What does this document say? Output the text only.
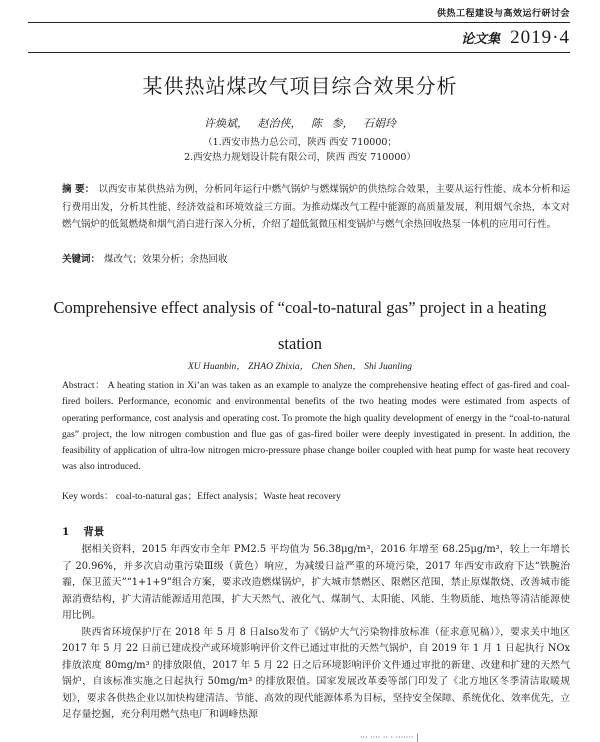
供热工程建设与高效运行研讨会
论文集 2019·4
某供热站煤改气项目综合效果分析
许焕斌， 赵治侠， 陈 参， 石娟玲
（1.西安市热力总公司，陕西 西安 710000；
2.西安热力规划设计院有限公司，陕西 西安 710000）
摘 要： 以西安市某供热站为例，分析同年运行中燃气锅炉与燃煤锅炉的供热综合效果，主要从运行性能、成本分析和运行费用出发，分析其性能、经济效益和环境效益三方面。为推动煤改气工程中能源的高质量发展，利用烟气余热，本文对燃气锅炉的低氮燃烧和烟气消白进行深入分析，介绍了超低氮微压相变锅炉与燃气余热回收热泵一体机的应用可行性。
关键词： 煤改气；效果分析；余热回收
Comprehensive effect analysis of “coal-to-natural gas” project in a heating station
XU Huanbin， ZHAO Zhixia， Chen Shen， Shi Juanling
Abstract： A heating station in Xi’an was taken as an example to analyze the comprehensive heating effect of gas-fired and coal-fired boilers. Performance, economic and environmental benefits of the two heating modes were estimated from aspects of operating performance, cost analysis and operating cost. To promote the high quality development of energy in the “coal-to-natural gas” project, the low nitrogen combustion and flue gas of gas-fired boiler were deeply investigated in present. In addition, the feasibility of application of ultra-low nitrogen micro-pressure phase change boiler coupled with heat pump for waste heat recovery was also introduced.
Key words： coal-to-natural gas；Effect analysis；Waste heat recovery
1 背景

据相关资料，2015 年西安市全年 PM2.5 平均值为 56.38μg/m³，2016 年增至 68.25μg/m³，较上一年增长了 20.96%，并多次启动重污染Ⅲ级（黄色）响应，为减缓日益严重的环境污染，2017 年西安市政府下达“铁腕治霾，保卫蓝天”“1+1+9”组合方案，要求改造燃煤锅炉，扩大城市禁燃区、限燃区范围，禁止原煤散烧、改善城市能源消费结构，扩大清洁能源适用范围，扩大天然气、液化气、煤制气、太阳能、风能、生物质能、地热等清洁能源使用比例。

陕西省环境保护厅在 2018 年 5 月 8 日also发布了《锅炉大气污染物排放标准（征求意见稿）》，要求关中地区 2017 年 5 月 22 日前已建成投产或环境影响评价文件已通过审批的天然气锅炉，自 2019 年 1 月 1 日起执行 NOx 排放浓度 80mg/m³ 的排放限值，2017 年 5 月 22 日之后环境影响评价文件通过审批的新建、改建和扩建的天然气锅炉，自该标准实施之日起执行 50mg/m³ 的排放限值。国家发展改革委等部门印发了《北方地区冬季清洁取暖规划》，要求各供热企业以加快构建清洁、节能、高效的现代能源体系为目标，坚持安全保障、系统优化、效率优先，立足存量挖掘，充分利用燃气热电厂和调峰热源

··· ···· ·· · ······· |
